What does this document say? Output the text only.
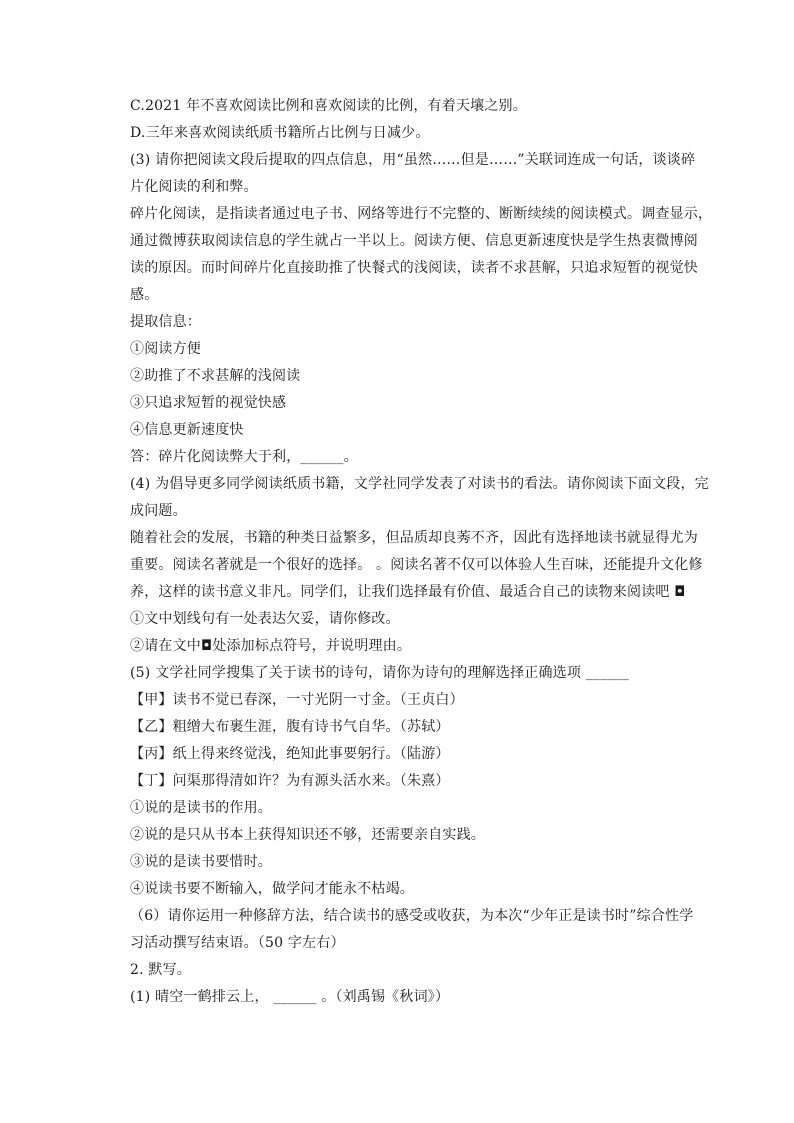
C.2021 年不喜欢阅读比例和喜欢阅读的比例，有着天壤之别。
D.三年来喜欢阅读纸质书籍所占比例与日减少。
(3) 请你把阅读文段后提取的四点信息，用“虽然……但是……”关联词连成一句话，谈谈碎
片化阅读的利和弊。
碎片化阅读，是指读者通过电子书、网络等进行不完整的、断断续续的阅读模式。调查显示，
通过微博获取阅读信息的学生就占一半以上。阅读方便、信息更新速度快是学生热衷微博阅
读的原因。而时间碎片化直接助推了快餐式的浅阅读，读者不求甚解，只追求短暂的视觉快
感。
提取信息：
①阅读方便
②助推了不求甚解的浅阅读
③只追求短暂的视觉快感
④信息更新速度快
答：碎片化阅读弊大于利，______。
(4) 为倡导更多同学阅读纸质书籍，文学社同学发表了对读书的看法。请你阅读下面文段，完
成问题。
随着社会的发展，书籍的种类日益繁多，但品质却良莠不齐，因此有选择地读书就显得尤为
重要。阅读名著就是一个很好的选择。 。阅读名著不仅可以体验人生百味，还能提升文化修
养，这样的读书意义非凡。同学们，让我们选择最有价值、最适合自己的读物来阅读吧 ◘
①文中划线句有一处表达欠妥，请你修改。
②请在文中◘处添加标点符号，并说明理由。
(5) 文学社同学搜集了关于读书的诗句，请你为诗句的理解选择正确选项 ______
【甲】读书不觉已春深，一寸光阴一寸金。（王贞白）
【乙】粗缯大布裹生涯，腹有诗书气自华。（苏轼）
【丙】纸上得来终觉浅，绝知此事要躬行。（陆游）
【丁】问渠那得清如许？为有源头活水来。（朱熹）
①说的是读书的作用。
②说的是只从书本上获得知识还不够，还需要亲自实践。
③说的是读书要惜时。
④说读书要不断输入，做学问才能永不枯竭。
（6）请你运用一种修辞方法，结合读书的感受或收获，为本次“少年正是读书时”综合性学
习活动撰写结束语。（50 字左右）
2. 默写。
(1) 晴空一鹤排云上， ______ 。（刘禹锡《秋词》）
